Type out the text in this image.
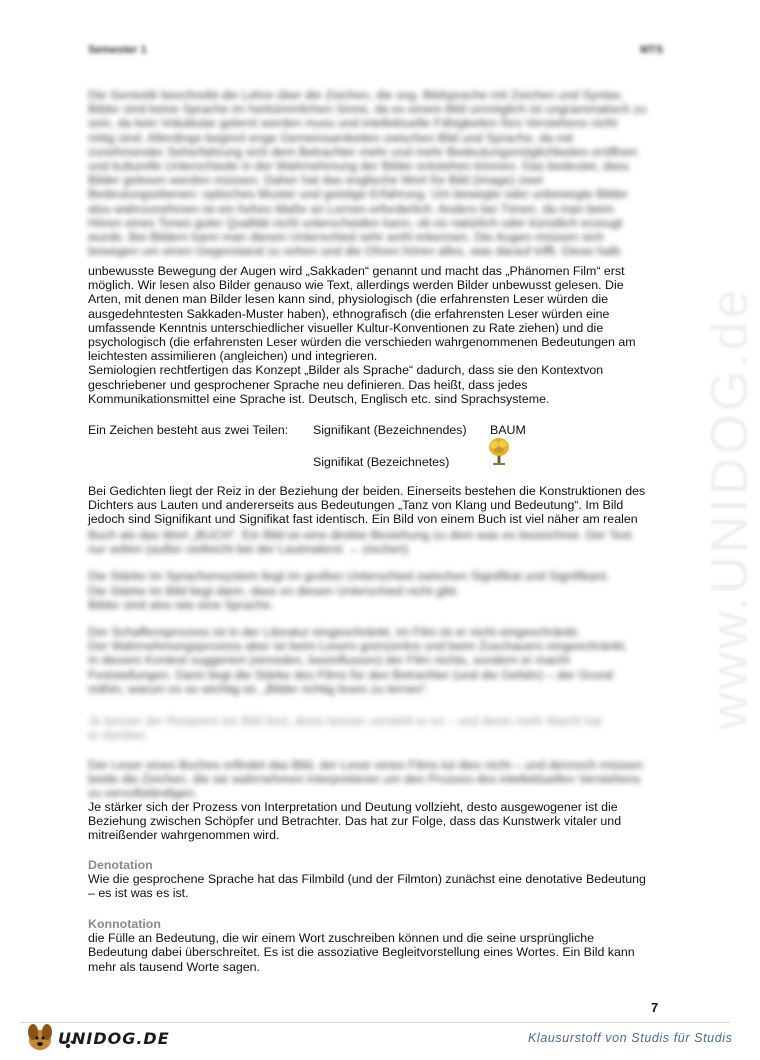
www.UNIDOG.de
Semester 1	MTS

Die Semiotik beschreibt die Lehre über die Zeichen, die sog. Bildsprache mit Zeichen und Syntax.

Bilder sind keine Sprache im herkömmlichen Sinne, da es einem Bild unmöglich ist ungrammatisch zu

sein, da kein Vokabular gelernt werden muss und intellektuelle Fähigkeiten fürs Verstehens nicht

nötig sind. Allerdings beginnt enge Gemeinsamkeiten zwischen Bild und Sprache, da mit

zunehmender Seherfahrung sich dem Betrachter mehr und mehr Bedeutungsmöglichkeiten eröffnen

und kulturelle Unterschiede in der Wahrnehmung der Bilder entstehen können. Das bedeutet, dass

Bilder gelesen werden müssen. Daher hat das englische Wort für Bild (image) zwei

Bedeutungsebenen: optisches Muster und geistige Erfahrung. Um bewegte oder unbewegte Bilder

also wahrzunehmen ist ein hohes Maße an Lernen erforderlich. Anders bei Tönen, da man beim

Hören eines Tones guter Qualität nicht unterscheiden kann, ob es natürlich oder künstlich erzeugt

wurde. Bei Bildern kann man diesen Unterschied sehr wohl erkennen. Die Augen müssen sich

bewegen um einen Gegenstand zu sehen und die Ohren hören alles, was darauf trifft. Diese halb

unbewusste Bewegung der Augen wird „Sakkaden“ genannt und macht das „Phänomen Film“ erst

möglich. Wir lesen also Bilder genauso wie Text, allerdings werden Bilder unbewusst gelesen. Die

Arten, mit denen man Bilder lesen kann sind, physiologisch (die erfahrensten Leser würden die

ausgedehntesten Sakkaden-Muster haben), ethnografisch (die erfahrensten Leser würden eine

umfassende Kenntnis unterschiedlicher visueller Kultur-Konventionen zu Rate ziehen) und die

psychologisch (die erfahrensten Leser würden die verschieden wahrgenommenen Bedeutungen am

leichtesten assimilieren (angleichen) und integrieren.

Semiologien rechtfertigen das Konzept „Bilder als Sprache“ dadurch, dass sie den Kontextvon

geschriebener und gesprochener Sprache neu definieren. Das heißt, dass jedes

Kommunikationsmittel eine Sprache ist. Deutsch, Englisch etc. sind Sprachsysteme.

Ein Zeichen besteht aus zwei Teilen: Signifikant (Bezeichnendes) BAUM
Signifikat (Bezeichnetes)

Bei Gedichten liegt der Reiz in der Beziehung der beiden. Einerseits bestehen die Konstruktionen des

Dichters aus Lauten und andererseits aus Bedeutungen „Tanz von Klang und Bedeutung“. Im Bild

jedoch sind Signifikant und Signifikat fast identisch. Ein Bild von einem Buch ist viel näher am realen

Buch als das Wort „BUCH“. Ein Bild ist eine direkte Beziehung zu dem was es bezeichnet. Der Text

nur selten (außer vielleicht bei der Lautmalerei → zischen)

Die Stärke im Sprachensystem liegt im großen Unterschied zwischen Signifikat und Signifikant.

Die Stärke im Bild liegt darin, dass es diesen Unterschied nicht gibt.

Bilder sind also wie eine Sprache.

Der Schaffensprozess ist in der Literatur eingeschränkt, im Film ist er nicht eingeschränkt.

Der Wahrnehmungsprozess aber ist beim Lesers grenzenlos und beim Zuschauers eingeschränkt.

In diesem Kontext suggeriert (einreden, beeinflussen) der Film nichts, sondern er macht

Feststellungen. Darin liegt die Stärke des Films für den Betrachter (und die Gefahr) – der Grund

mithin, warum es so wichtig ist, „Bilder richtig lesen zu lernen“.

Je besser der Rezipient ein Bild liest, desto besser versteht er es – und desto mehr Macht hat

er darüber.

Der Leser eines Buches erfindet das Bild, der Leser eines Films tut dies nicht – und dennoch müssen

beide die Zeichen, die sie wahrnehmen interpretieren um den Prozess des intellektuellen Verstehens

zu vervollständigen.

Je stärker sich der Prozess von Interpretation und Deutung vollzieht, desto ausgewogener ist die

Beziehung zwischen Schöpfer und Betrachter. Das hat zur Folge, dass das Kunstwerk vitaler und

mitreißender wahrgenommen wird.

Denotation

Wie die gesprochene Sprache hat das Filmbild (und der Filmton) zunächst eine denotative Bedeutung

– es ist was es ist.

Konnotation

die Fülle an Bedeutung, die wir einem Wort zuschreiben können und die seine ursprüngliche

Bedeutung dabei überschreitet. Es ist die assoziative Begleitvorstellung eines Wortes. Ein Bild kann

mehr als tausend Worte sagen.

7
UNIDOG.DE	Klausurstoff von Studis für Studis
